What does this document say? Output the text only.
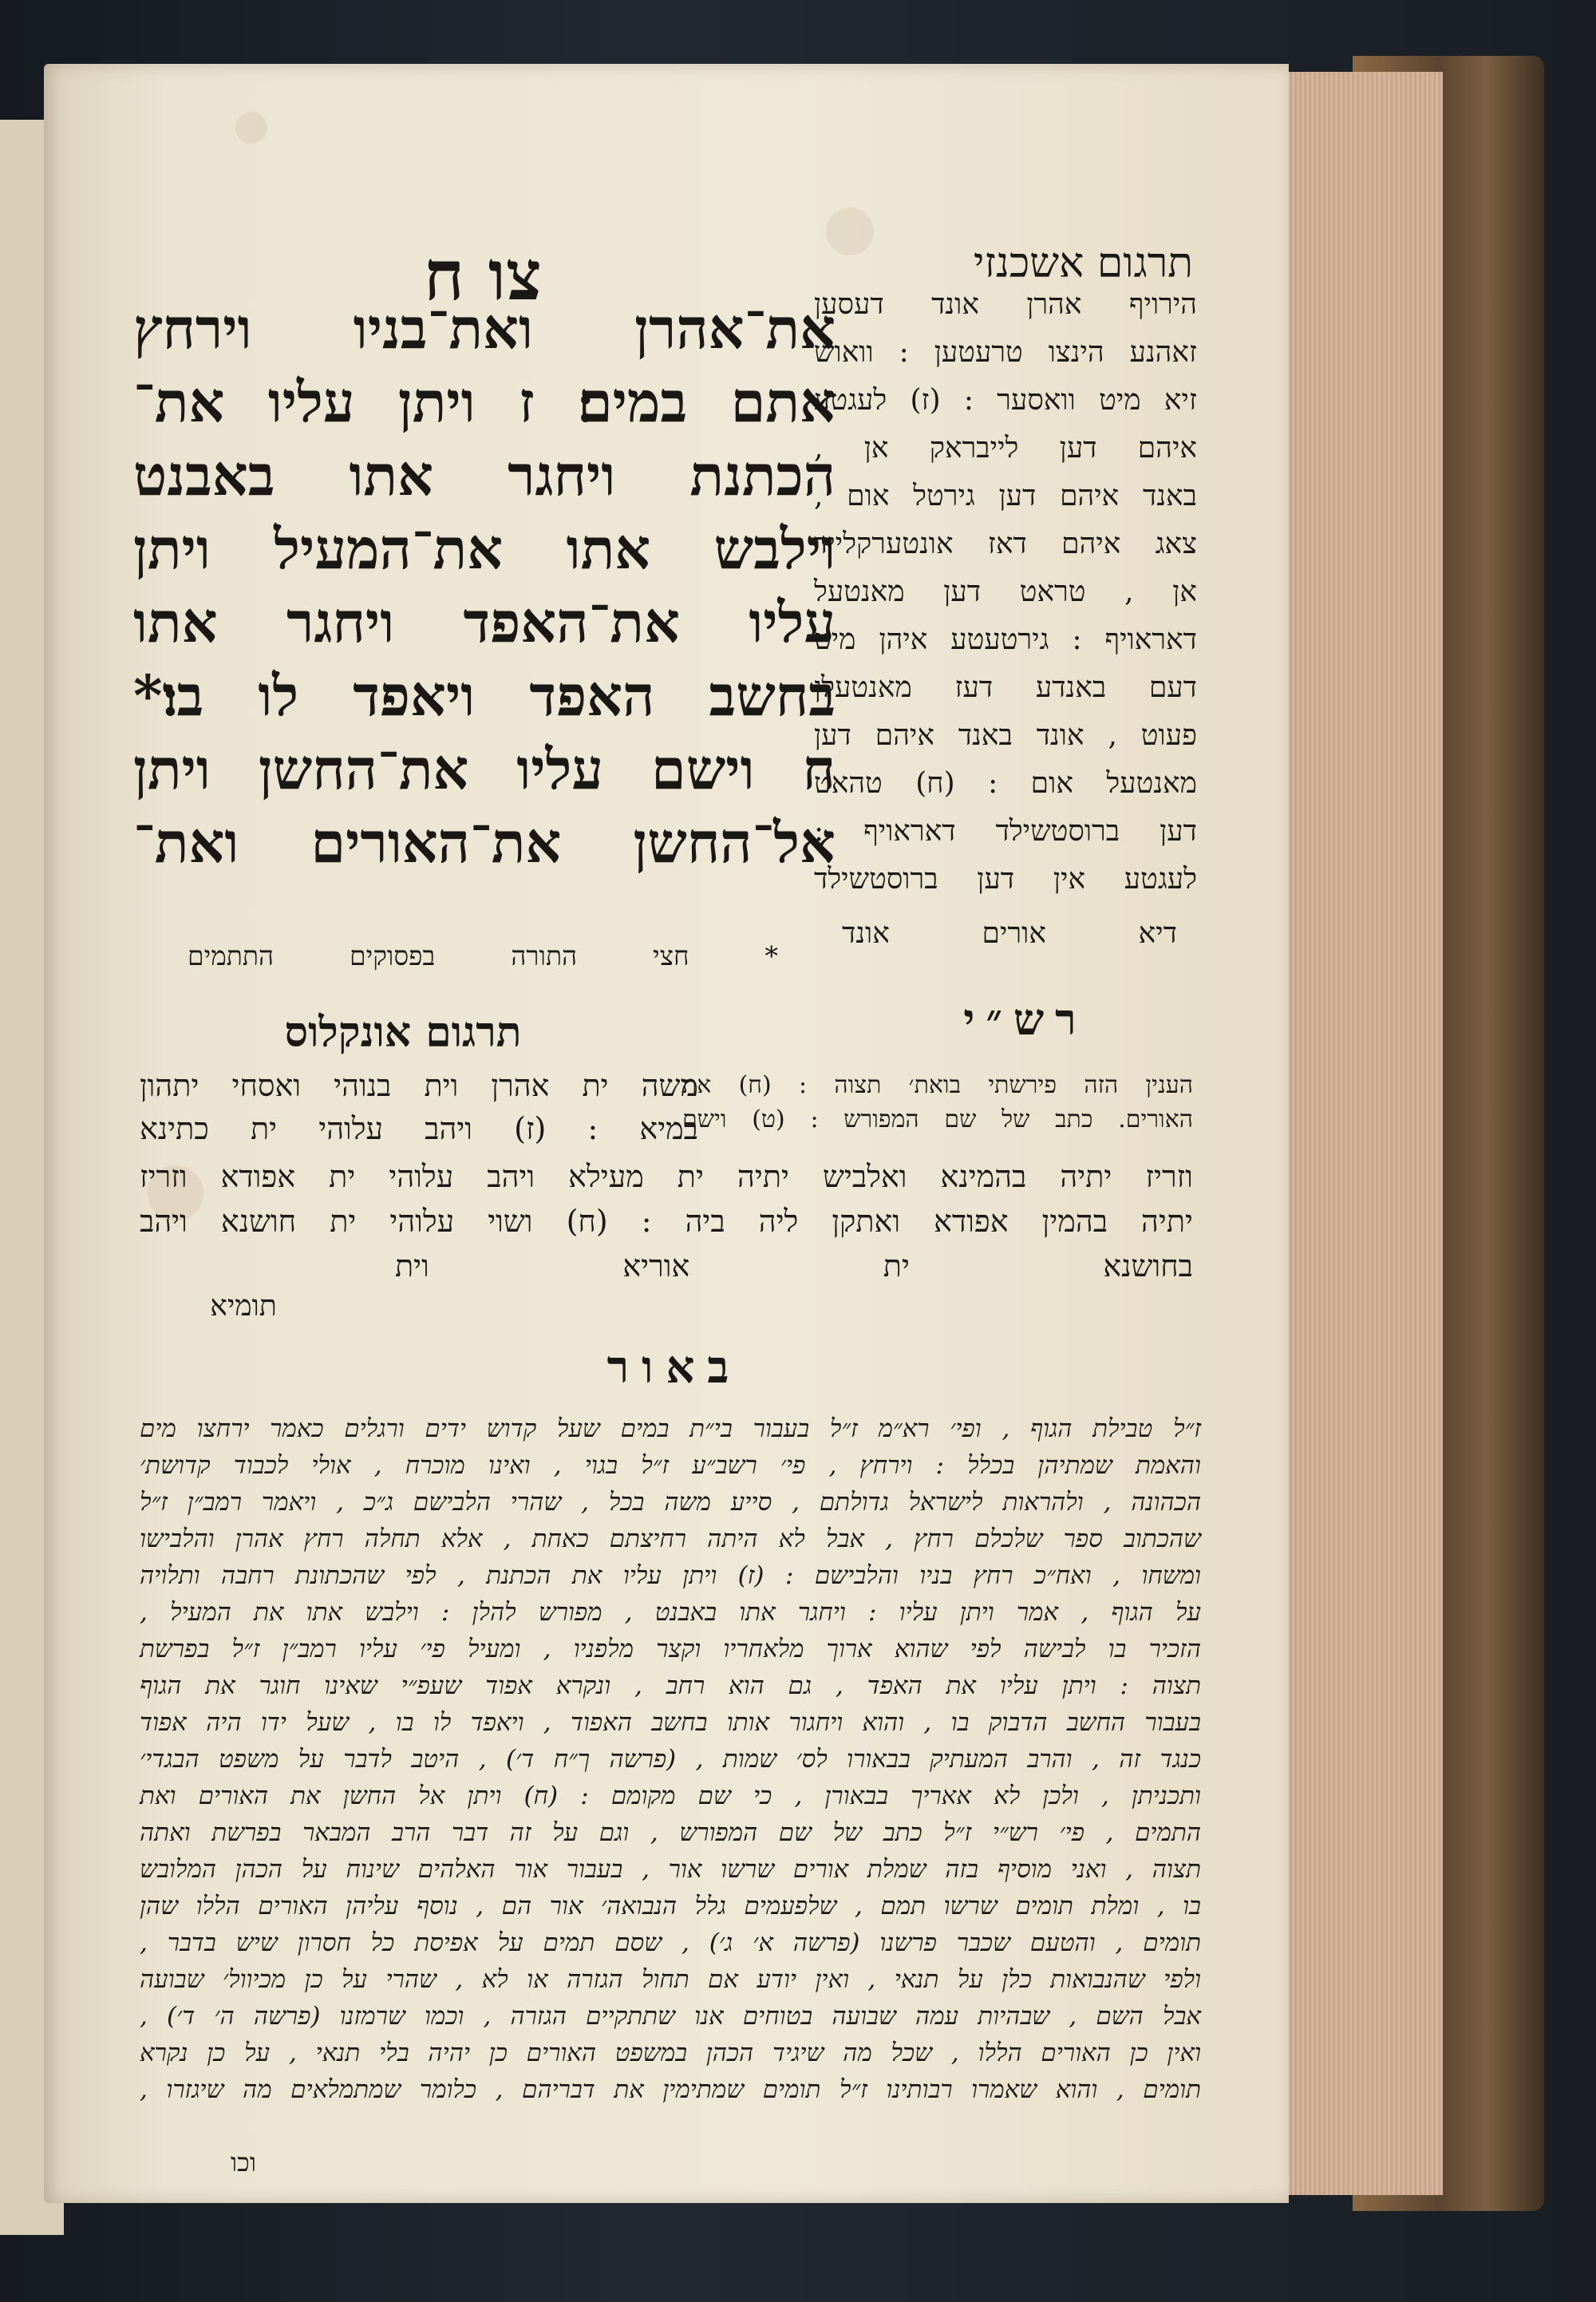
תרגום אשכנזי
צו ח
את־אהרן ואת־בניו וירחץ
אתם במים׃ ז ויתן עליו את־
הכתנת ויחגר אתו באבנט
וילבש אתו את־המעיל ויתן
עליו את־האפד ויחגר אתו
בחשב האפד ויאפד לו בו׃*
ח וישם עליו את־החשן ויתן
אל־החשן את־האורים ואת־
הירויף אהרן אונד דעסען
זאהנע הינצו טרעטען : וואוש
זיא מיט וואסער : (ז) לעגטע
איהם דען לייבראק אן ,
באנד איהם דען גירטל אום ,
צאג איהם דאז אונטערקלייד
אן , טראט דען מאנטעל
דאראויף : גירטעטע איהן מיט
דעם באנדע דעז מאנטעלן
פעוט , אונד באנד איהם דען
מאנטעל אום : (ח) טהאט
דען ברוסטשילד דאראויף :
לעגטע אין דען ברוסטשילד
דיא אורים אונד
* חצי התורה בפסוקים התתמים
תרגום אונקלוס	רש״י
הענין הזה פירשתי בואת׳ תצוה : (ח) את
האורים. כתב של שם המפורש : (ט) וישם
משה ית אהרן וית בנוהי ואסחי יתהון
במיא : (ז) ויהב עלוהי ית כתינא
וזריז יתיה בהמינא ואלביש יתיה ית מעילא ויהב עלוהי ית אפודא וזריז
יתיה בהמין אפודא ואתקן ליה ביה : (ח) ושוי עלוהי ית חושנא ויהב
בחושנא ית אוריא וית
תומיא
באור
ז״ל טבילת הגוף , ופי׳ רא״מ ז״ל בעבור בי״ת במים שעל קדוש ידים ורגלים כאמר ירחצו מים
והאמת שמתיהן בכלל : וירחץ , פי׳ רשב״ע ז״ל בגוי , ואינו מוכרח , אולי לכבוד קדושת׳
הכהונה , ולהראות לישראל גדולתם , סייע משה בכל , שהרי הלבישם ג״כ , ויאמר רמב״ן ז״ל
שהכתוב ספר שלכלם רחץ , אבל לא היתה רחיצתם כאחת , אלא תחלה רחץ אהרן והלבישו
ומשחו , ואח״כ רחץ בניו והלבישם : (ז) ויתן עליו את הכתנת , לפי שהכתונת רחבה ותלויה
על הגוף , אמר ויתן עליו : ויחגר אתו באבנט , מפורש להלן : וילבש אתו את המעיל ,
הזכיר בו לבישה לפי שהוא ארוך מלאחריו וקצר מלפניו , ומעיל פי׳ עליו רמב״ן ז״ל בפרשת
תצוה : ויתן עליו את האפד , גם הוא רחב , ונקרא אפוד שעפ״י שאינו חוגר את הגוף
בעבור החשב הדבוק בו , והוא ויחגור אותו בחשב האפוד , ויאפד לו בו , שעל ידו היה אפוד
כנגד זה , והרב המעתיק בבאורו לס׳ שמות , (פרשה ך״ח ד׳) , היטב לדבר על משפט הבגדי׳
ותכניתן , ולכן לא אאריך בבאורן , כי שם מקומם : (ח) ויתן אל החשן את האורים ואת
התמים , פי׳ רש״י ז״ל כתב של שם המפורש , וגם על זה דבר הרב המבאר בפרשת ואתה
תצוה , ואני מוסיף בזה שמלת אורים שרשו אור , בעבור אור האלהים שינוח על הכהן המלובש
בו , ומלת תומים שרשו תמם , שלפעמים גלל הנבואה׳ אור הם , נוסף עליהן האורים הללו שהן
תומים , והטעם שכבר פרשנו (פרשה א׳ ג׳) , שסם תמים על אפיסת כל חסרון שיש בדבר ,
ולפי שהנבואות כלן על תנאי , ואין יודע אם תחול הגזרה או לא , שהרי על כן מכיוול׳ שבועה
אבל השם , שבהיות עמה שבועה בטוחים אנו שתתקיים הגזרה , וכמו שרמזנו (פרשה ה׳ ד׳) ,
ואין כן האורים הללו , שכל מה שיגיד הכהן במשפט האורים כן יהיה בלי תנאי , על כן נקרא
תומים , והוא שאמרו רבותינו ז״ל תומים שמתימין את דבריהם , כלומר שמתמלאים מה שיגזרו ,
וכו
